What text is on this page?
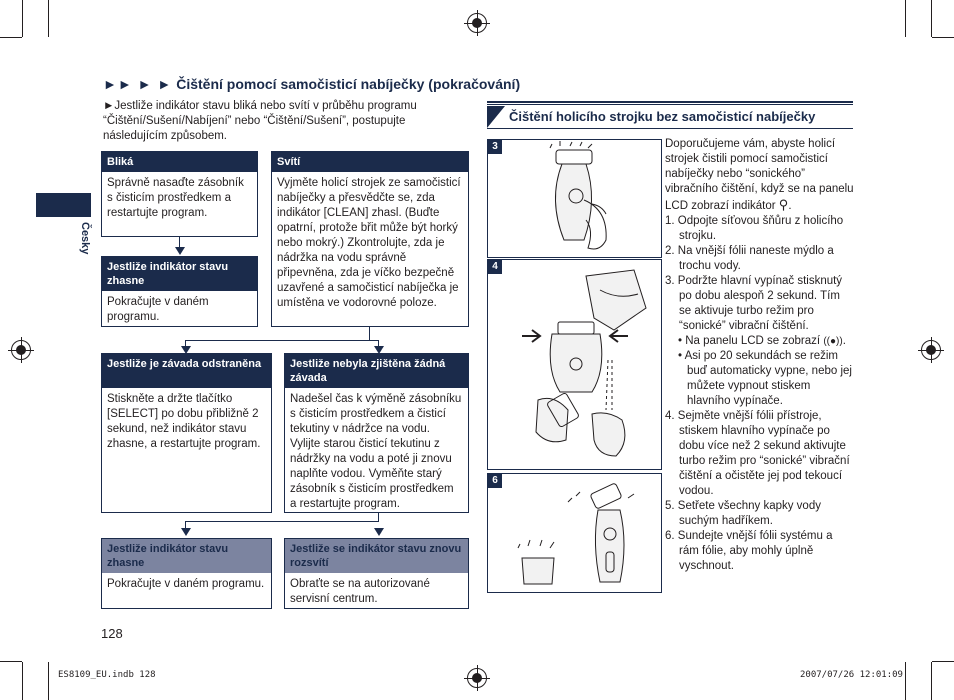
Česky
►► ► ► Čištění pomocí samočisticí nabíječky (pokračování)
►Jestliže indikátor stavu bliká nebo svítí v průběhu programu “Čištění/Sušení/Nabíjení” nebo “Čištění/Sušení”, postupujte následujícím způsobem.
Bliká
Správně nasaďte zásobník s čisticím prostředkem a restartujte program.
Svítí
Vyjměte holicí strojek ze samočisticí nabíječky a přesvědčte se, zda indikátor [CLEAN] zhasl. (Buďte opatrní, protože břit může být horký nebo mokrý.) Zkontrolujte, zda je nádržka na vodu správně připevněna, zda je víčko bezpečně uzavřené a samočisticí nabíječka je umístěna ve vodorovné poloze.
Jestliže indikátor stavu zhasne
Pokračujte v daném programu.
Jestliže je závada odstraněna
Stiskněte a držte tlačítko [SELECT] po dobu přibližně 2 sekund, než indikátor stavu zhasne, a restartujte program.
Jestliže nebyla zjištěna žádná závada
Nadešel čas k výměně zásobníku s čisticím prostředkem a čisticí tekutiny v nádržce na vodu. Vylijte starou čisticí tekutinu z nádržky na vodu a poté ji znovu naplňte vodou. Vyměňte starý zásobník s čisticím prostředkem a restartujte program.
Jestliže indikátor stavu zhasne
Pokračujte v daném programu.
Jestliže se indikátor stavu znovu rozsvítí
Obraťte se na autorizované servisní centrum.
Čištění holicího strojku bez samočisticí nabíječky
3
4
6

Doporučujeme vám, abyste holicí strojek čistili pomocí samočisticí nabíječky nebo “sonického” vibračního čištění, když se na panelu LCD zobrazí indikátor ⚲.

1. Odpojte síťovou šňůru z holicího strojku.
2. Na vnější fólii naneste mýdlo a trochu vody.
3. Podržte hlavní vypínač stisknutý po dobu alespoň 2 sekund. Tím se aktivuje turbo režim pro “sonické” vibrační čištění.

• Na panelu LCD se zobrazí ((●)).

• Asi po 20 sekundách se režim buď automaticky vypne, nebo jej můžete vypnout stiskem hlavního vypínače.

4. Sejměte vnější fólii přístroje, stiskem hlavního vypínače po dobu více než 2 sekund aktivujte turbo režim pro “sonické” vibrační čištění a očistěte jej pod tekoucí vodou.
5. Setřete všechny kapky vody suchým hadříkem.
6. Sundejte vnější fólii systému a rám fólie, aby mohly úplně vyschnout.
128
ES8109_EU.indb 128	2007/07/26 12:01:09
